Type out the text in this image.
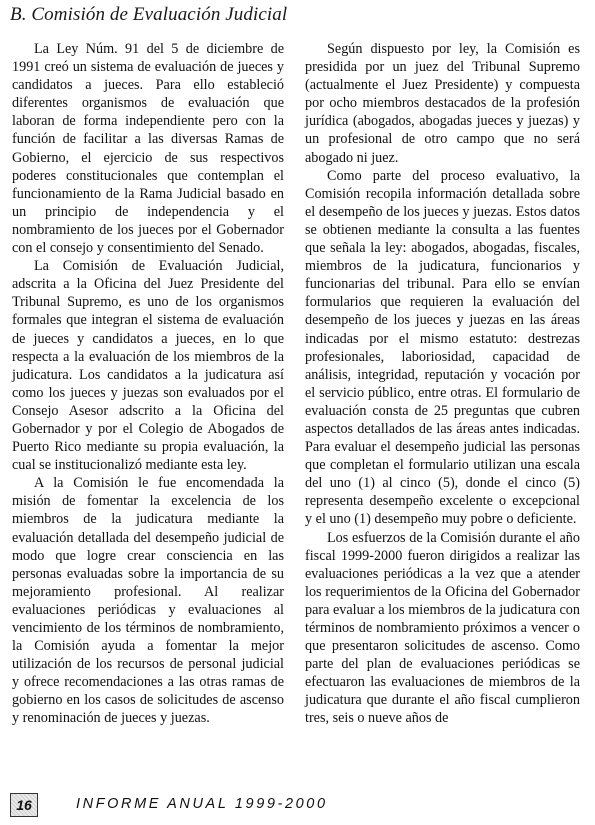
B. Comisión de Evaluación Judicial

La Ley Núm. 91 del 5 de diciembre de 1991 creó un sistema de evaluación de jueces y candidatos a jueces. Para ello estableció diferentes organismos de evaluación que laboran de forma independiente pero con la función de facilitar a las diversas Ramas de Gobierno, el ejercicio de sus respectivos poderes constitucionales que contemplan el funcionamiento de la Rama Judicial basado en un principio de independencia y el nombramiento de los jueces por el Gobernador con el consejo y consentimiento del Senado.

La Comisión de Evaluación Judicial, adscrita a la Oficina del Juez Presidente del Tribunal Supremo, es uno de los organismos formales que integran el sistema de evaluación de jueces y candidatos a jueces, en lo que respecta a la evaluación de los miembros de la judicatura. Los candidatos a la judicatura así como los jueces y juezas son evaluados por el Consejo Asesor adscrito a la Oficina del Gobernador y por el Colegio de Abogados de Puerto Rico mediante su propia evaluación, la cual se institucionalizó mediante esta ley.

A la Comisión le fue encomendada la misión de fomentar la excelencia de los miembros de la judicatura mediante la evaluación detallada del desempeño judicial de modo que logre crear consciencia en las personas evaluadas sobre la importancia de su mejoramiento profesional. Al realizar evaluaciones periódicas y evaluaciones al vencimiento de los términos de nombramiento, la Comisión ayuda a fomentar la mejor utilización de los recursos de personal judicial y ofrece recomendaciones a las otras ramas de gobierno en los casos de solicitudes de ascenso y renominación de jueces y juezas.

Según dispuesto por ley, la Comisión es presidida por un juez del Tribunal Supremo (actualmente el Juez Presidente) y compuesta por ocho miembros destacados de la profesión jurídica (abogados, abogadas jueces y juezas) y un profesional de otro campo que no será abogado ni juez.

Como parte del proceso evaluativo, la Comisión recopila información detallada sobre el desempeño de los jueces y juezas. Estos datos se obtienen mediante la consulta a las fuentes que señala la ley: abogados, abogadas, fiscales, miembros de la judicatura, funcionarios y funcionarias del tribunal. Para ello se envían formularios que requieren la evaluación del desempeño de los jueces y juezas en las áreas indicadas por el mismo estatuto: destrezas profesionales, laboriosidad, capacidad de análisis, integridad, reputación y vocación por el servicio público, entre otras. El formulario de evaluación consta de 25 preguntas que cubren aspectos detallados de las áreas antes indicadas. Para evaluar el desempeño judicial las personas que completan el formulario utilizan una escala del uno (1) al cinco (5), donde el cinco (5) representa desempeño excelente o excepcional y el uno (1) desempeño muy pobre o deficiente.

Los esfuerzos de la Comisión durante el año fiscal 1999-2000 fueron dirigidos a realizar las evaluaciones periódicas a la vez que a atender los requerimientos de la Oficina del Gobernador para evaluar a los miembros de la judicatura con términos de nombramiento próximos a vencer o que presentaron solicitudes de ascenso. Como parte del plan de evaluaciones periódicas se efectuaron las evaluaciones de miembros de la judicatura que durante el año fiscal cumplieron tres, seis o nueve años de

16	INFORME ANUAL 1999-2000
